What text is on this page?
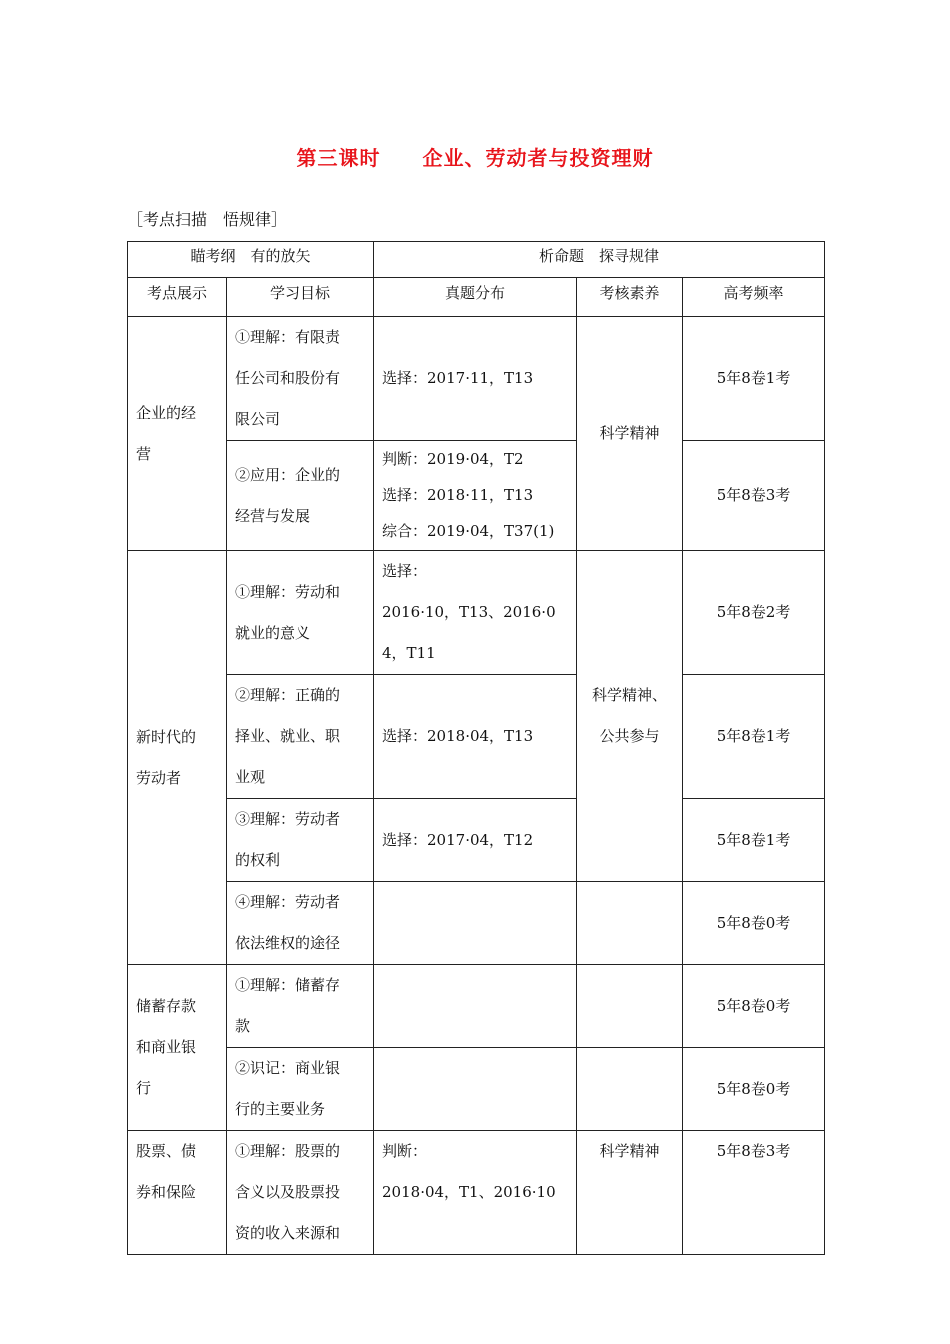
第三课时　　企业、劳动者与投资理财
［考点扫描　悟规律］
瞄考纲　有的放矢		析命题　探寻规律		
考点展示	学习目标	真题分布	考核素养	高考频率

企业的经
营	①理解：有限责
任公司和股份有
限公司	选择：2017·11，T13	科学精神	5年8卷1考

	②应用：企业的
经营与发展	判断：2019·04，T2
选择：2018·11，T13
综合：2019·04，T37(1)		5年8卷3考

新时代的
劳动者	①理解：劳动和
就业的意义	选择：
2016·10，T13、2016·0
4，T11	科学精神、
公共参与	5年8卷2考

	②理解：正确的
择业、就业、职
业观	选择：2018·04，T13		5年8卷1考

	③理解：劳动者
的权利	选择：2017·04，T12		5年8卷1考

	④理解：劳动者
依法维权的途径			5年8卷0考

储蓄存款
和商业银
行	①理解：储蓄存
款			5年8卷0考

	②识记：商业银
行的主要业务			5年8卷0考

股票、债
券和保险	①理解：股票的
含义以及股票投
资的收入来源和	判断：
2018·04，T1、2016·10	科学精神	5年8卷3考
